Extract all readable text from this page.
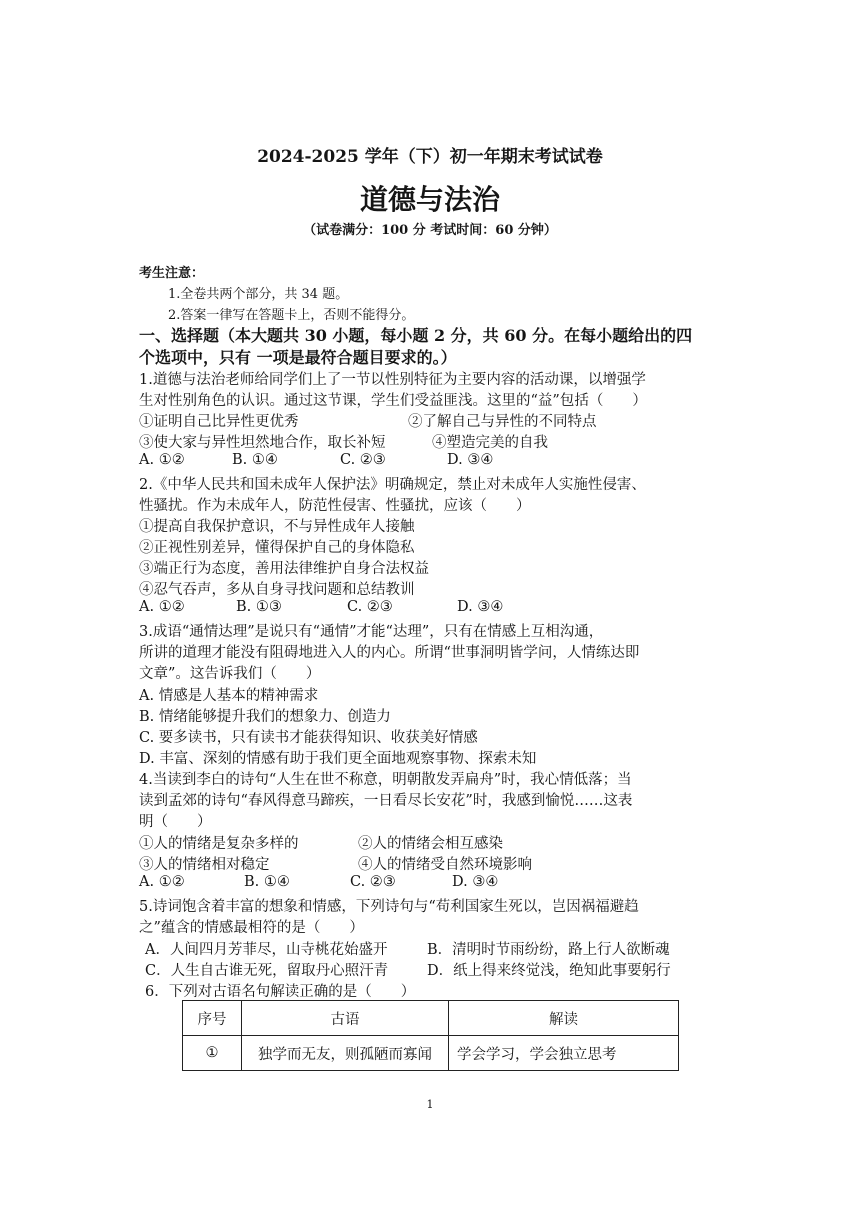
2024-2025 学年（下）初一年期末考试试卷
道德与法治
（试卷满分：100 分 考试时间：60 分钟）
考生注意：
1.全卷共两个部分，共 34 题。
2.答案一律写在答题卡上，否则不能得分。
一、选择题（本大题共 30 小题，每小题 2 分，共 60 分。在每小题给出的四
个选项中，只有 一项是最符合题目要求的。）
1.道德与法治老师给同学们上了一节以性别特征为主要内容的活动课，以增强学
生对性别角色的认识。通过这节课，学生们受益匪浅。这里的“益”包括（　　）
①证明自己比异性更优秀	②了解自己与异性的不同特点
③使大家与异性坦然地合作，取长补短	④塑造完美的自我
A. ①②	B. ①④	C. ②③	D. ③④
2.《中华人民共和国未成年人保护法》明确规定，禁止对未成年人实施性侵害、
性骚扰。作为未成年人，防范性侵害、性骚扰，应该（　　）
①提高自我保护意识，不与异性成年人接触
②正视性别差异，懂得保护自己的身体隐私
③端正行为态度，善用法律维护自身合法权益
④忍气吞声，多从自身寻找问题和总结教训
A. ①②	B. ①③	C. ②③	D. ③④
3.成语“通情达理”是说只有“通情”才能“达理”，只有在情感上互相沟通，
所讲的道理才能没有阻碍地进入人的内心。所谓“世事洞明皆学问，人情练达即
文章”。这告诉我们（　　）
A. 情感是人基本的精神需求
B. 情绪能够提升我们的想象力、创造力
C. 要多读书，只有读书才能获得知识、收获美好情感
D. 丰富、深刻的情感有助于我们更全面地观察事物、探索未知
4.当读到李白的诗句“人生在世不称意，明朝散发弄扁舟”时，我心情低落；当
读到孟郊的诗句“春风得意马蹄疾，一日看尽长安花”时，我感到愉悦……这表
明（　　）
①人的情绪是复杂多样的	②人的情绪会相互感染
③人的情绪相对稳定	④人的情绪受自然环境影响
A. ①②	B. ①④	C. ②③	D. ③④
5.诗词饱含着丰富的想象和情感，下列诗句与“苟利国家生死以，岂因祸福避趋
之”蕴含的情感最相符的是（　　）
A．人间四月芳菲尽，山寺桃花始盛开	B．清明时节雨纷纷，路上行人欲断魂
C．人生自古谁无死，留取丹心照汗青	D．纸上得来终觉浅，绝知此事要躬行
6．下列对古语名句解读正确的是（　　）
序号	古语	解读
①	独学而无友，则孤陋而寡闻	学会学习，学会独立思考
1
